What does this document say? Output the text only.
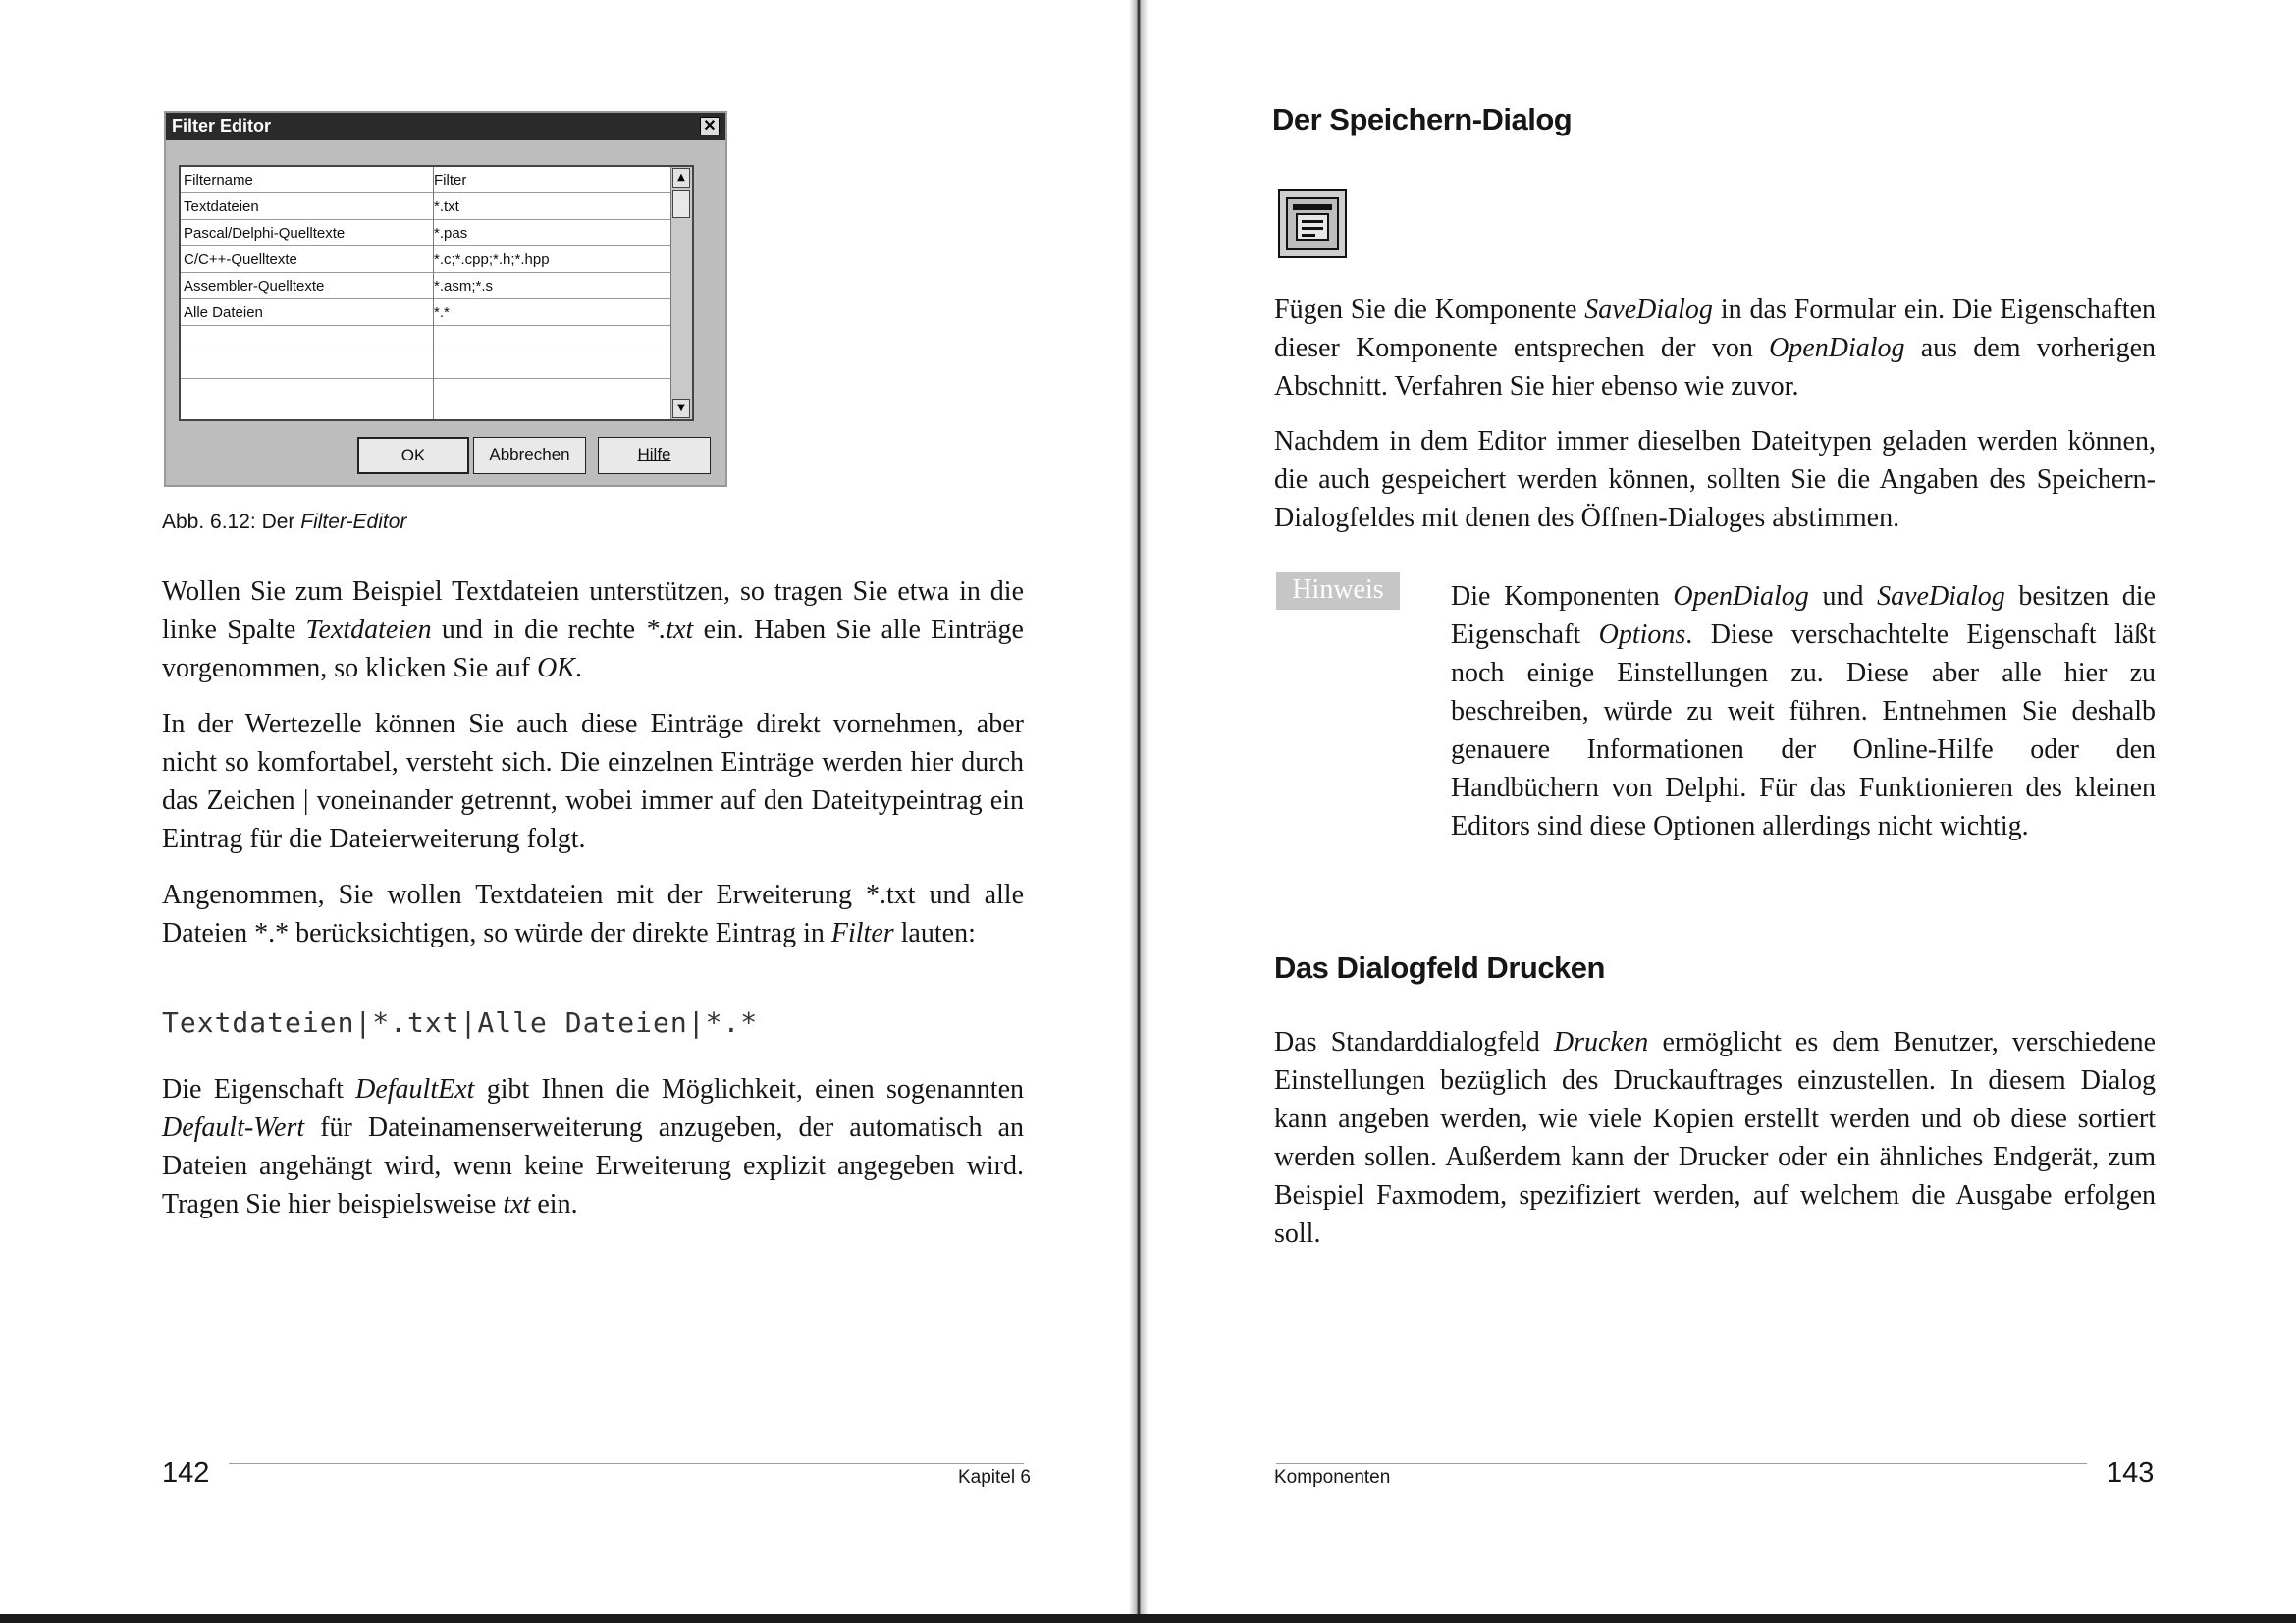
Filter Editor	✕
Filtername	Filter
Textdateien	*.txt
Pascal/Delphi-Quelltexte	*.pas
C/C++-Quelltexte	*.c;*.cpp;*.h;*.hpp
Assembler-Quelltexte	*.asm;*.s
Alle Dateien	*.*
▲
▼
OK	Abbrechen	Hilfe
Abb. 6.12: Der Filter-Editor

Wollen Sie zum Beispiel Textdateien unterstützen, so tragen Sie etwa in die linke Spalte Textdateien und in die rechte *.txt ein. Haben Sie alle Einträge vorgenommen, so klicken Sie auf OK.

In der Wertezelle können Sie auch diese Einträge direkt vornehmen, aber nicht so komfortabel, versteht sich. Die einzelnen Einträge werden hier durch das Zeichen | voneinander getrennt, wobei immer auf den Dateitypeintrag ein Eintrag für die Dateierweiterung folgt.

Angenommen, Sie wollen Textdateien mit der Erweiterung *.txt und alle Dateien *.* berücksichtigen, so würde der direkte Eintrag in Filter lauten:

Textdateien|*.txt|Alle Dateien|*.*

Die Eigenschaft DefaultExt gibt Ihnen die Möglichkeit, einen sogenannten Default-Wert für Dateinamenserweiterung anzugeben, der automatisch an Dateien angehängt wird, wenn keine Erweiterung explizit angegeben wird. Tragen Sie hier beispielsweise txt ein.

142	Kapitel 6
Der Speichern-Dialog

Fügen Sie die Komponente SaveDialog in das Formular ein. Die Eigenschaften dieser Komponente entsprechen der von OpenDialog aus dem vorherigen Abschnitt. Verfahren Sie hier ebenso wie zuvor.

Nachdem in dem Editor immer dieselben Dateitypen geladen werden können, die auch gespeichert werden können, sollten Sie die Angaben des Speichern-Dialogfeldes mit denen des Öffnen-Dialoges abstimmen.

Hinweis	Die Komponenten OpenDialog und SaveDialog besitzen die Eigenschaft Options. Diese verschachtelte Eigenschaft läßt noch einige Einstellungen zu. Diese aber alle hier zu beschreiben, würde zu weit führen. Entnehmen Sie deshalb genauere Informationen der Online-Hilfe oder den Handbüchern von Delphi. Für das Funktionieren des kleinen Editors sind diese Optionen allerdings nicht wichtig.

Das Dialogfeld Drucken

Das Standarddialogfeld Drucken ermöglicht es dem Benutzer, verschiedene Einstellungen bezüglich des Druckauftrages einzustellen. In diesem Dialog kann angeben werden, wie viele Kopien erstellt werden und ob diese sortiert werden sollen. Außerdem kann der Drucker oder ein ähnliches Endgerät, zum Beispiel Faxmodem, spezifiziert werden, auf welchem die Ausgabe erfolgen soll.

Komponenten	143
